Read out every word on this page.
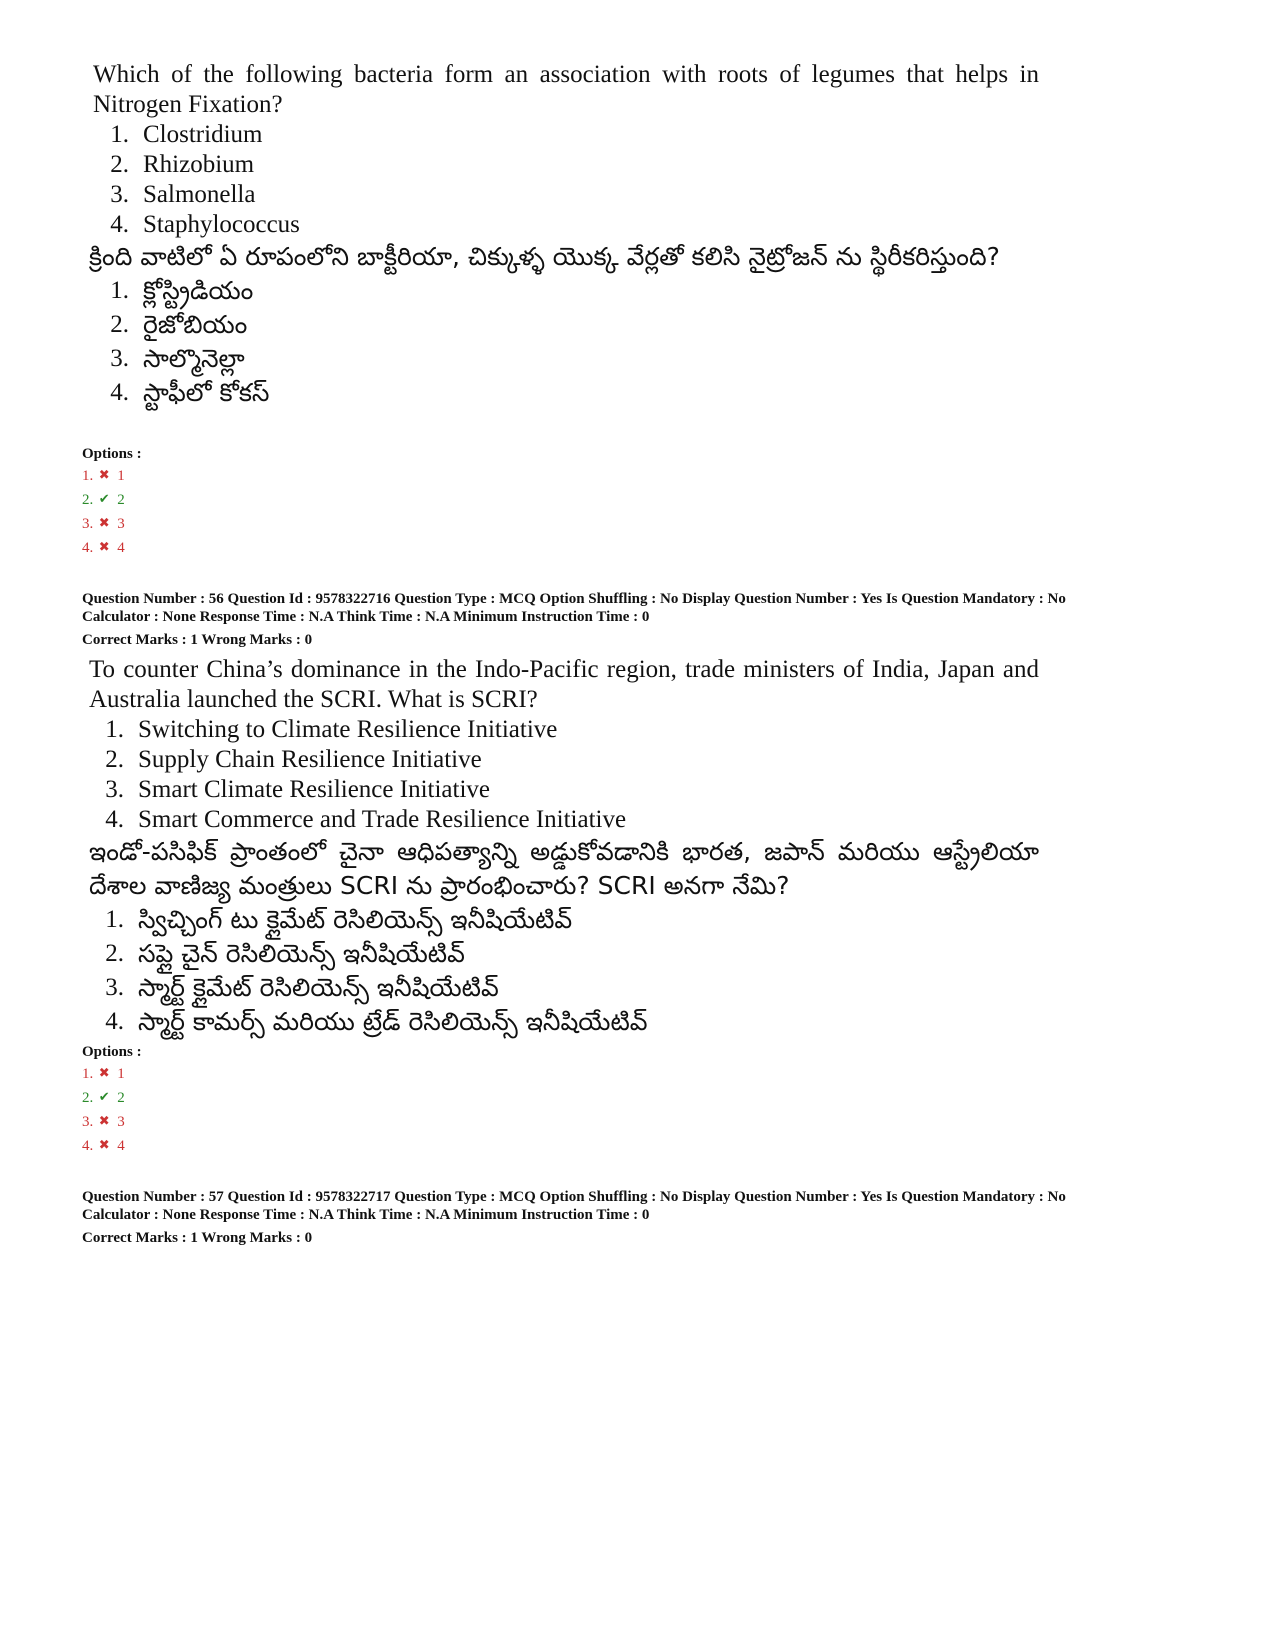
Which of the following bacteria form an association with roots of legumes that helps in Nitrogen Fixation?

1. Clostridium
2. Rhizobium
3. Salmonella
4. Staphylococcus

క్రింది వాటిలో ఏ రూపంలోని బాక్టీరియా, చిక్కుళ్ళ యొక్క వేర్లతో కలిసి నైట్రోజన్ ను స్థిరీకరిస్తుంది?

1. క్లోస్ట్రిడియం
2. రైజోబియం
3. సాల్మొనెల్లా
4. స్టాఫీలో కోకస్

Options :

1. ✖ 1
2. ✔ 2
3. ✖ 3
4. ✖ 4

Question Number : 56 Question Id : 9578322716 Question Type : MCQ Option Shuffling : No Display Question Number : Yes Is Question Mandatory : No

Calculator : None Response Time : N.A Think Time : N.A Minimum Instruction Time : 0

Correct Marks : 1 Wrong Marks : 0

To counter China’s dominance in the Indo-Pacific region, trade ministers of India, Japan and Australia launched the SCRI. What is SCRI?

1. Switching to Climate Resilience Initiative
2. Supply Chain Resilience Initiative
3. Smart Climate Resilience Initiative
4. Smart Commerce and Trade Resilience Initiative

ఇండో-పసిఫిక్ ప్రాంతంలో చైనా ఆధిపత్యాన్ని అడ్డుకోవడానికి భారత, జపాన్ మరియు ఆస్ట్రేలియా దేశాల వాణిజ్య మంత్రులు SCRI ను ప్రారంభించారు? SCRI అనగా నేమి?

1. స్విచ్చింగ్ టు క్లైమేట్ రెసిలియెన్స్ ఇనీషియేటివ్
2. సప్లై చైన్ రెసిలియెన్స్ ఇనీషియేటివ్
3. స్మార్ట్ క్లైమేట్ రెసిలియెన్స్ ఇనీషియేటివ్
4. స్మార్ట్ కామర్స్ మరియు ట్రేడ్ రెసిలియెన్స్ ఇనీషియేటివ్

Options :

1. ✖ 1
2. ✔ 2
3. ✖ 3
4. ✖ 4

Question Number : 57 Question Id : 9578322717 Question Type : MCQ Option Shuffling : No Display Question Number : Yes Is Question Mandatory : No

Calculator : None Response Time : N.A Think Time : N.A Minimum Instruction Time : 0

Correct Marks : 1 Wrong Marks : 0
